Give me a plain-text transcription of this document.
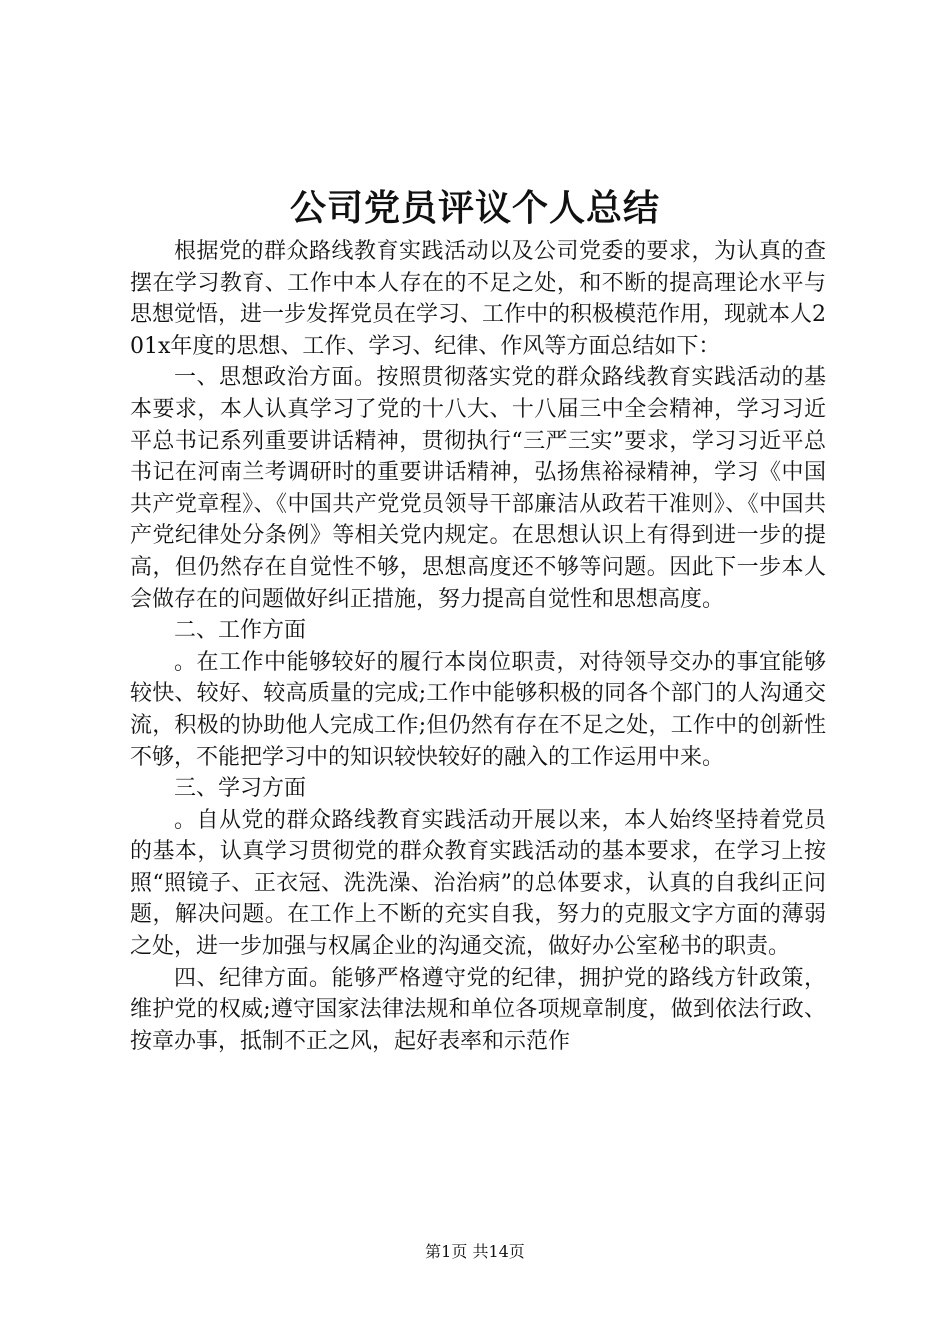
公司党员评议个人总结

根据党的群众路线教育实践活动以及公司党委的要求，为认真的查摆在学习教育、工作中本人存在的不足之处，和不断的提高理论水平与思想觉悟，进一步发挥党员在学习、工作中的积极模范作用，现就本人201x年度的思想、工作、学习、纪律、作风等方面总结如下：

一、思想政治方面。按照贯彻落实党的群众路线教育实践活动的基本要求，本人认真学习了党的十八大、十八届三中全会精神，学习习近平总书记系列重要讲话精神，贯彻执行“三严三实”要求，学习习近平总书记在河南兰考调研时的重要讲话精神，弘扬焦裕禄精神，学习《中国共产党章程》、《中国共产党党员领导干部廉洁从政若干准则》、《中国共产党纪律处分条例》等相关党内规定。在思想认识上有得到进一步的提高，但仍然存在自觉性不够，思想高度还不够等问题。因此下一步本人会做存在的问题做好纠正措施，努力提高自觉性和思想高度。

二、工作方面

。在工作中能够较好的履行本岗位职责，对待领导交办的事宜能够较快、较好、较高质量的完成;工作中能够积极的同各个部门的人沟通交流，积极的协助他人完成工作;但仍然有存在不足之处，工作中的创新性不够，不能把学习中的知识较快较好的融入的工作运用中来。

三、学习方面

。自从党的群众路线教育实践活动开展以来，本人始终坚持着党员的基本，认真学习贯彻党的群众教育实践活动的基本要求，在学习上按照“照镜子、正衣冠、洗洗澡、治治病”的总体要求，认真的自我纠正问题，解决问题。在工作上不断的充实自我，努力的克服文字方面的薄弱之处，进一步加强与权属企业的沟通交流，做好办公室秘书的职责。

四、纪律方面。能够严格遵守党的纪律，拥护党的路线方针政策，维护党的权威;遵守国家法律法规和单位各项规章制度，做到依法行政、按章办事，抵制不正之风，起好表率和示范作

第1页 共14页
